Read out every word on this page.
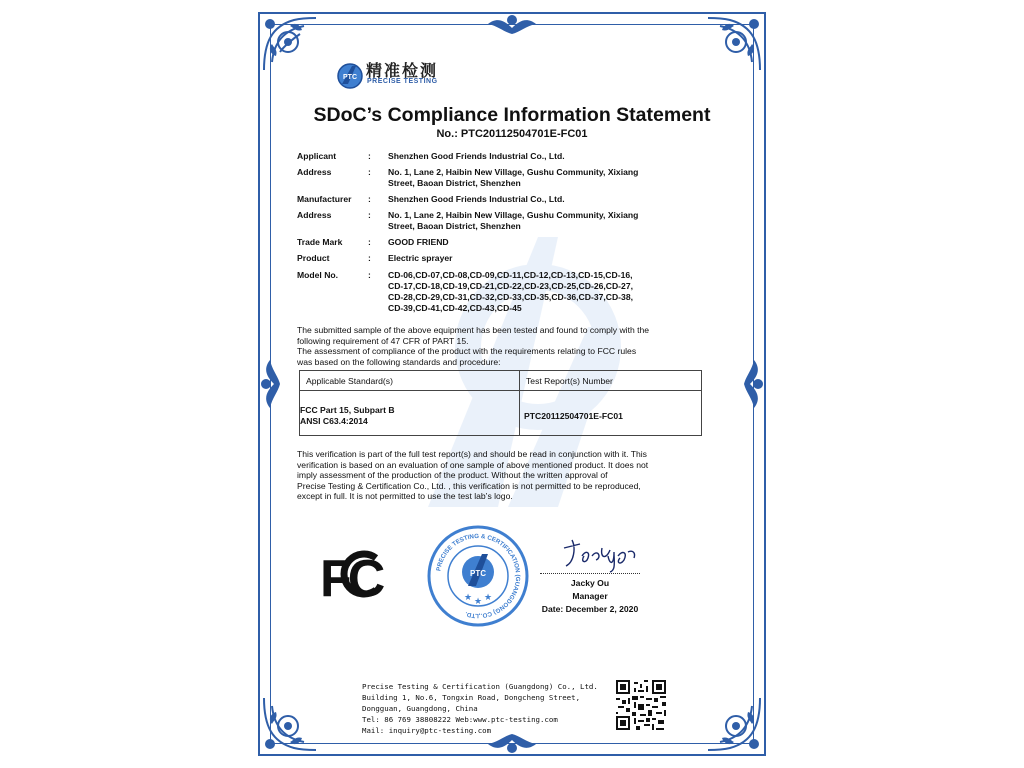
PTC 精准检测
PRECISE TESTING
SDoC’s Compliance Information Statement
No.: PTC20112504701E-FC01
Applicant	: Shenzhen Good Friends Industrial Co., Ltd.
Address	: No. 1, Lane 2, Haibin New Village, Gushu Community, Xixiang
Street, Baoan District, Shenzhen
Manufacturer : Shenzhen Good Friends Industrial Co., Ltd.
Address	: No. 1, Lane 2, Haibin New Village, Gushu Community, Xixiang
Street, Baoan District, Shenzhen
Trade Mark	: GOOD FRIEND
Product	: Electric sprayer
Model No.	: CD-06,CD-07,CD-08,CD-09,CD-11,CD-12,CD-13,CD-15,CD-16,
CD-17,CD-18,CD-19,CD-21,CD-22,CD-23,CD-25,CD-26,CD-27,
CD-28,CD-29,CD-31,CD-32,CD-33,CD-35,CD-36,CD-37,CD-38,
CD-39,CD-41,CD-42,CD-43,CD-45
The submitted sample of the above equipment has been tested and found to comply with the
following requirement of 47 CFR of PART 15.
The assessment of compliance of the product with the requirements relating to FCC rules
was based on the following standards and procedure:
Applicable Standard(s)	Test Report(s) Number
FCC Part 15, Subpart B
ANSI C63.4:2014	PTC20112504701E-FC01
This verification is part of the full test report(s) and should be read in conjunction with it. This
verification is based on an evaluation of one sample of above mentioned product. It does not
imply assessment of the production of the product. Without the written approval of
Precise Testing & Certification Co., Ltd. , this verification is not permitted to be reproduced,
except in full. It is not permitted to use the test lab’s logo.
FC	PRECISE TESTING & CERTIFICATION (GUANGDONG) CO.,LTD.
PTC
★ ★ ★
Jacky Ou
Manager
Date: December 2, 2020
Precise Testing & Certification (Guangdong) Co., Ltd.
Building 1, No.6, Tongxin Road, Dongcheng Street,
Dongguan, Guangdong, China
Tel: 86 769 38808222 Web:www.ptc-testing.com
Mail: inquiry@ptc-testing.com
